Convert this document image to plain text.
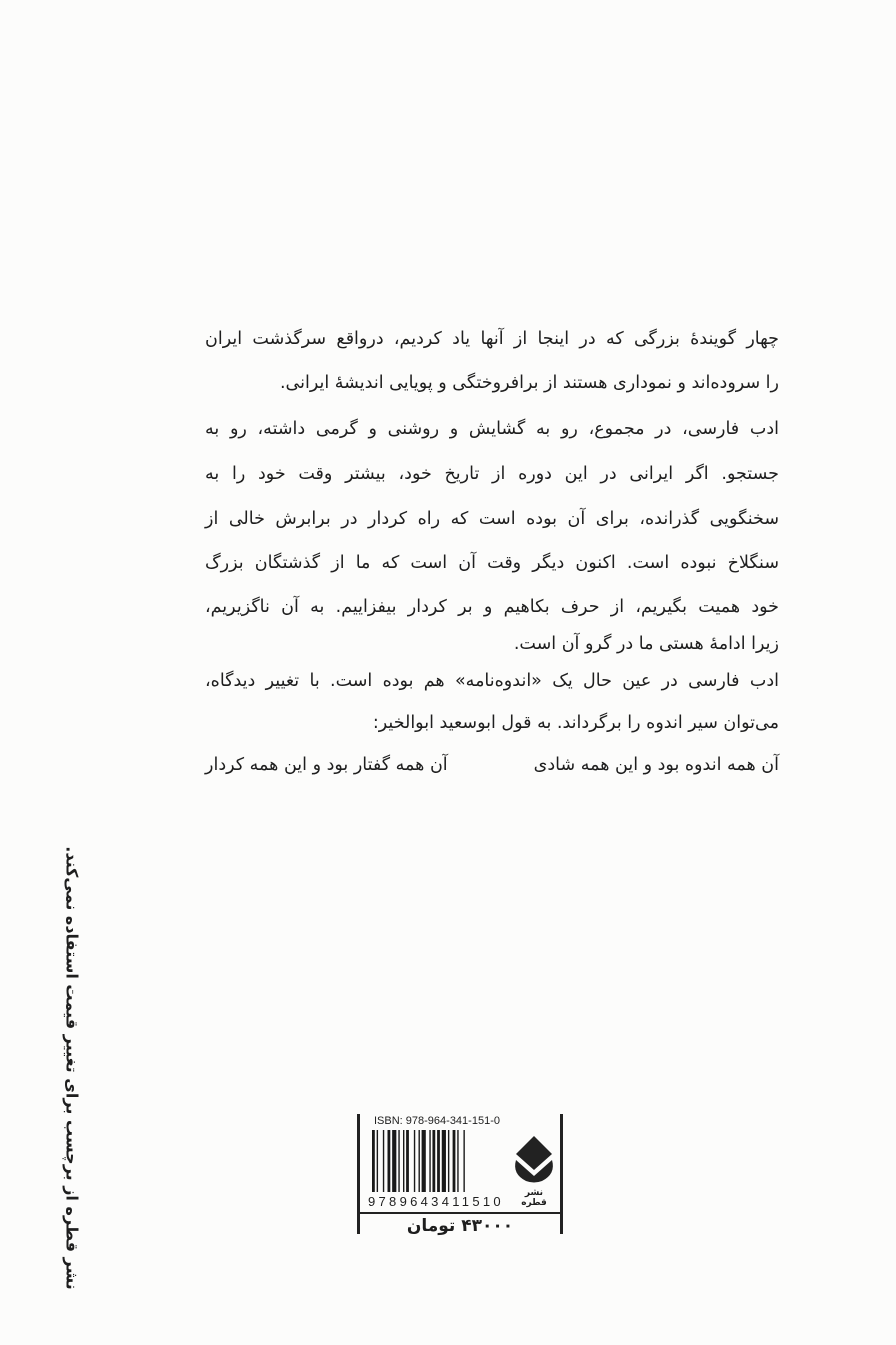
چهار گویندهٔ بزرگی که در اینجا از آنها یاد کردیم، درواقع سرگذشت ایران
را سروده‌اند و نموداری هستند از برافروختگی و پویایی اندیشهٔ ایرانی.
ادب فارسی، در مجموع، رو به گشایش و روشنی و گرمی داشته، رو به
جستجو. اگر ایرانی در این دوره از تاریخ خود، بیشتر وقت خود را به
سخنگویی گذرانده، برای آن بوده است که راه کردار در برابرش خالی از
سنگلاخ نبوده است. اکنون دیگر وقت آن است که ما از گذشتگان بزرگ
خود همیت بگیریم، از حرف بکاهیم و بر کردار بیفزاییم. به آن ناگزیریم،
زیرا ادامهٔ هستی ما در گرو آن است.
ادب فارسی در عین حال یک «اندوه‌نامه» هم بوده است. با تغییر دیدگاه،
می‌توان سیر اندوه را برگرداند. به قول ابوسعید ابوالخیر:
آن همه اندوه بود و این همه شادی
آن همه گفتار بود و این همه کردار
نشر قطره از برچسب برای تغییر قیمت استفاده نمی‌کند.	ISBN: 978-964-341-151-0
9789643411510
نشر قطره
۴۳۰۰۰ تومان
